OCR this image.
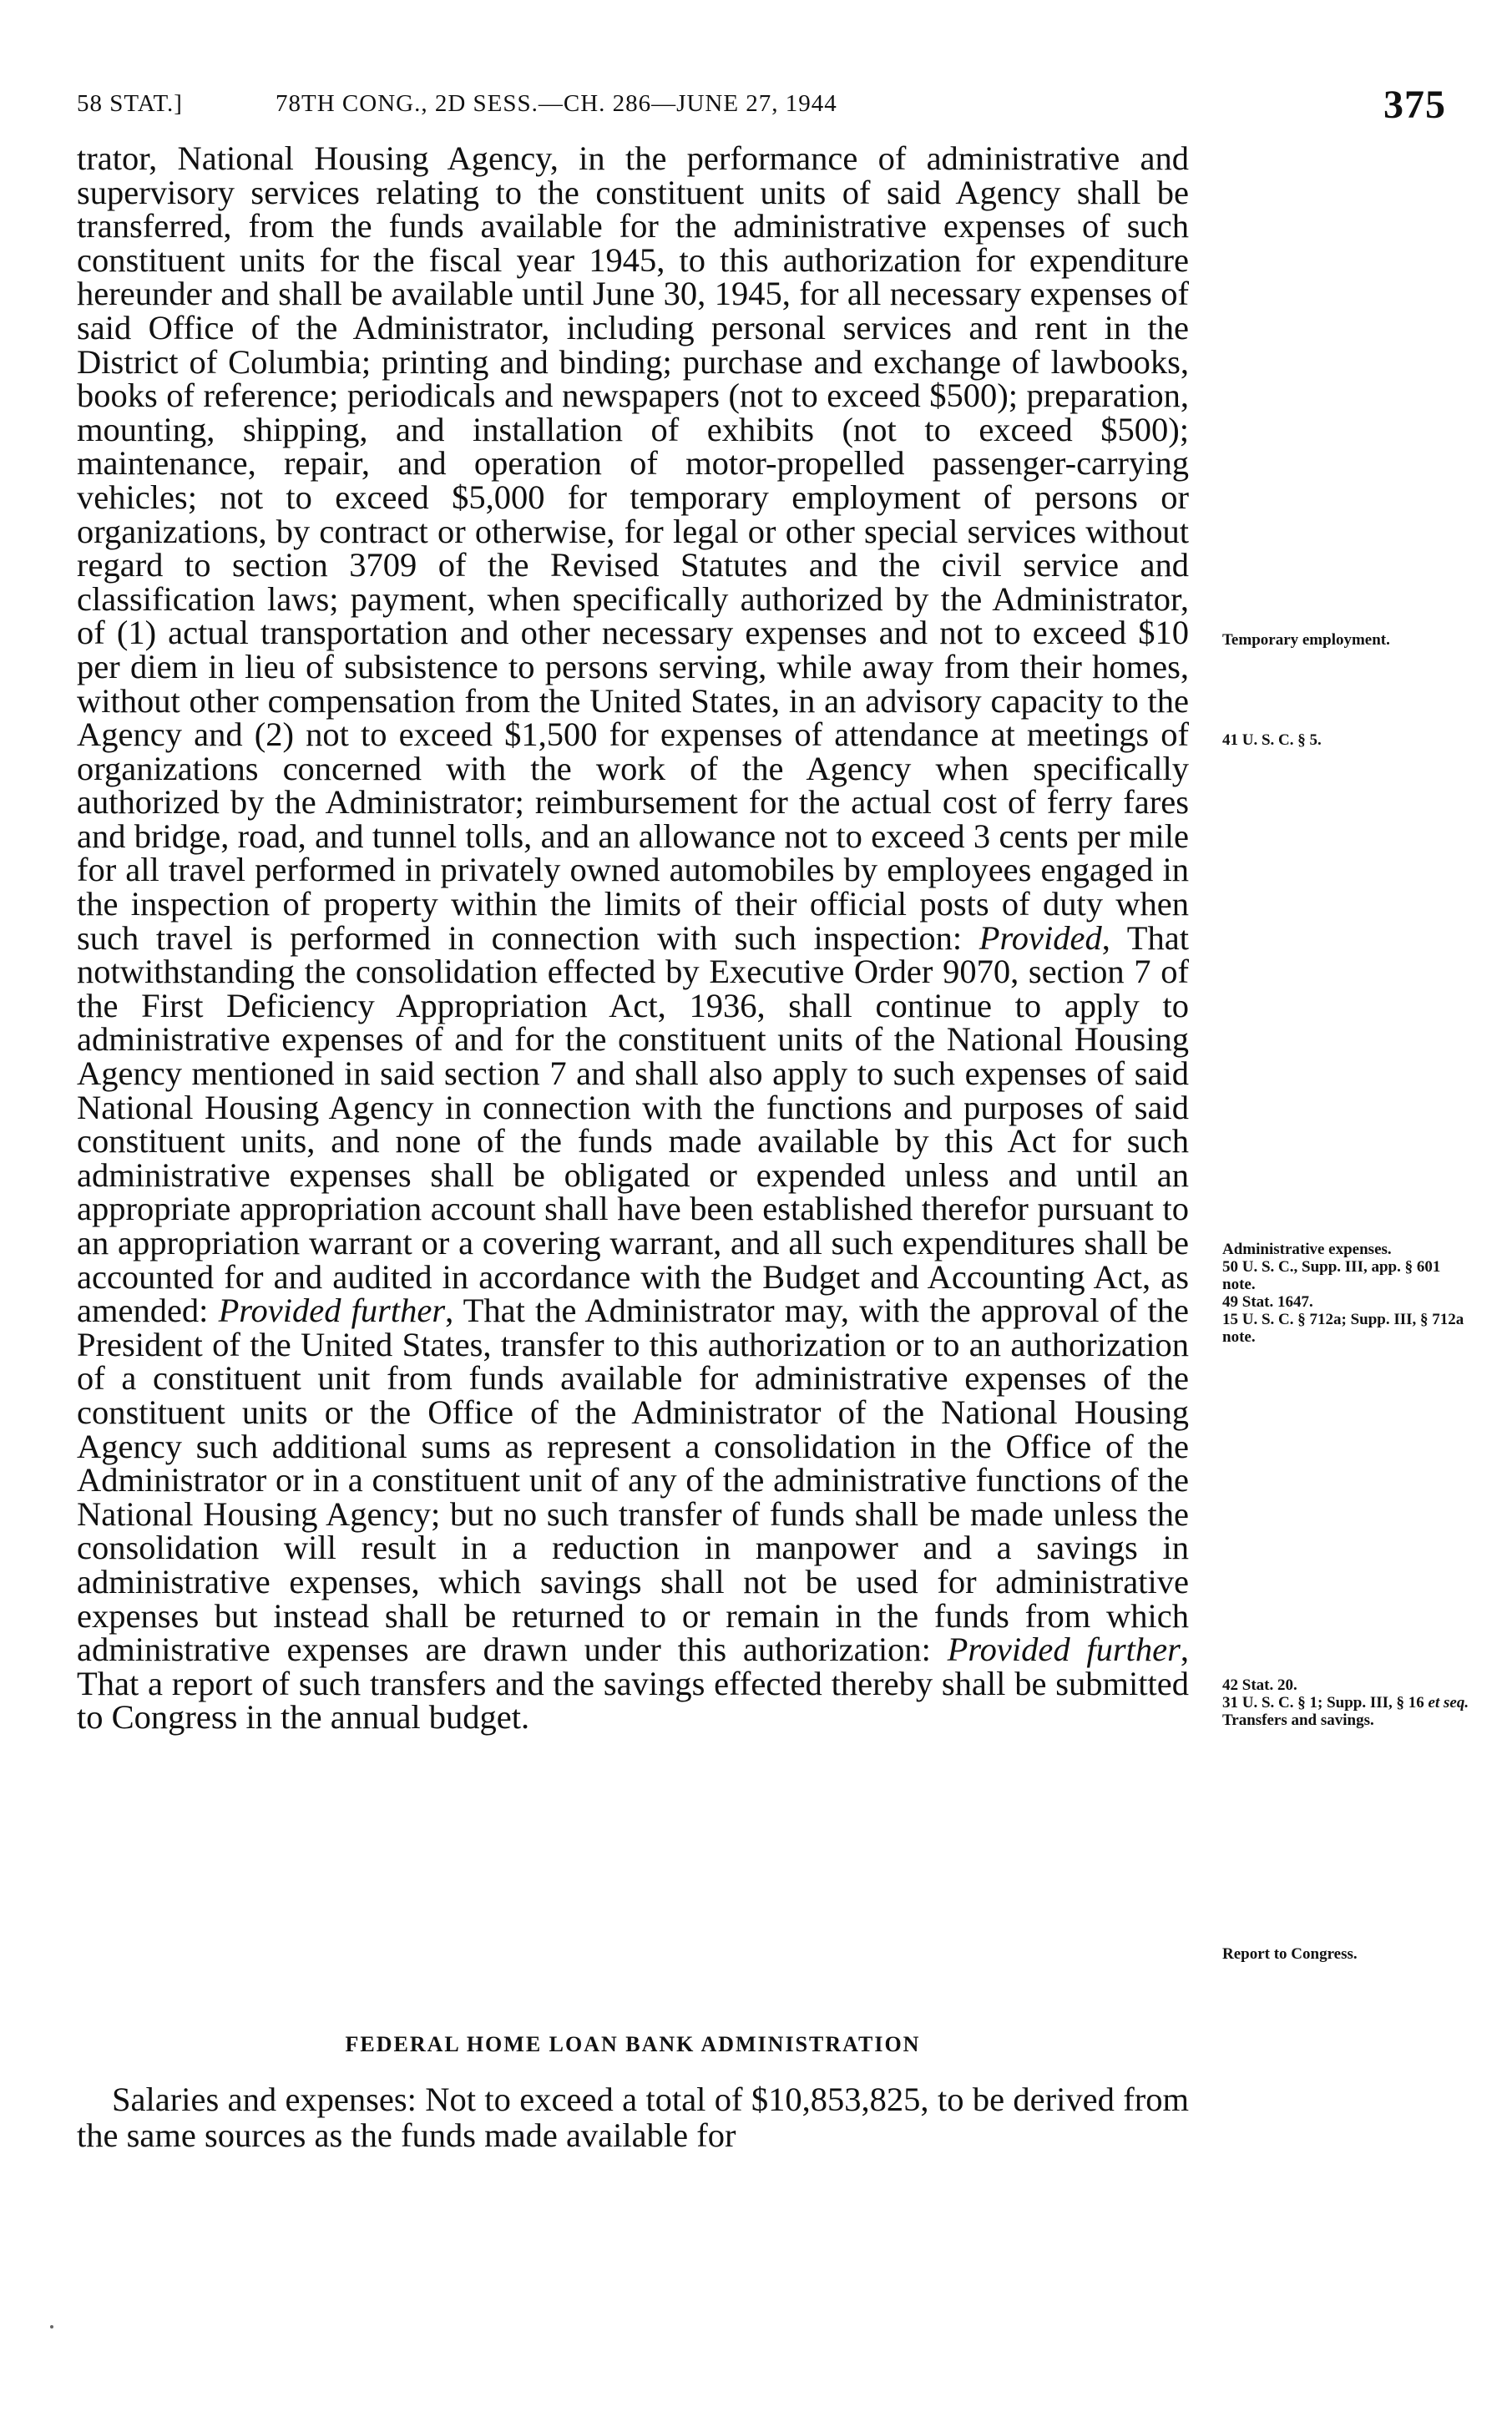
58 STAT.]	78TH CONG., 2D SESS.—CH. 286—JUNE 27, 1944	375

trator, National Housing Agency, in the performance of administrative and supervisory services relating to the constituent units of said Agency shall be transferred, from the funds available for the administrative expenses of such constituent units for the fiscal year 1945, to this authorization for expenditure hereunder and shall be available until June 30, 1945, for all necessary expenses of said Office of the Administrator, including personal services and rent in the District of Columbia; printing and binding; purchase and exchange of lawbooks, books of reference; periodicals and newspapers (not to exceed $500); preparation, mounting, shipping, and installation of exhibits (not to exceed $500); maintenance, repair, and operation of motor-propelled passenger-carrying vehicles; not to exceed $5,000 for temporary employment of persons or organizations, by contract or otherwise, for legal or other special services without regard to section 3709 of the Revised Statutes and the civil service and classification laws; payment, when specifically authorized by the Administrator, of (1) actual transportation and other necessary expenses and not to exceed $10 per diem in lieu of subsistence to persons serving, while away from their homes, without other compensation from the United States, in an advisory capacity to the Agency and (2) not to exceed $1,500 for expenses of attendance at meetings of organizations concerned with the work of the Agency when specifically authorized by the Administrator; reimbursement for the actual cost of ferry fares and bridge, road, and tunnel tolls, and an allowance not to exceed 3 cents per mile for all travel performed in privately owned automobiles by employees engaged in the inspection of property within the limits of their official posts of duty when such travel is performed in connection with such inspection: Provided, That notwithstanding the consolidation effected by Executive Order 9070, section 7 of the First Deficiency Appropriation Act, 1936, shall continue to apply to administrative expenses of and for the constituent units of the National Housing Agency mentioned in said section 7 and shall also apply to such expenses of said National Housing Agency in connection with the functions and purposes of said constituent units, and none of the funds made available by this Act for such administrative expenses shall be obligated or expended unless and until an appropriate appropriation account shall have been established therefor pursuant to an appropriation warrant or a covering warrant, and all such expenditures shall be accounted for and audited in accordance with the Budget and Accounting Act, as amended: Provided further, That the Administrator may, with the approval of the President of the United States, transfer to this authorization or to an authorization of a constituent unit from funds available for administrative expenses of the constituent units or the Office of the Administrator of the National Housing Agency such additional sums as represent a consolidation in the Office of the Administrator or in a constituent unit of any of the administrative functions of the National Housing Agency; but no such transfer of funds shall be made unless the consolidation will result in a reduction in manpower and a savings in administrative expenses, which savings shall not be used for administrative expenses but instead shall be returned to or remain in the funds from which administrative expenses are drawn under this authorization: Provided further, That a report of such transfers and the savings effected thereby shall be submitted to Congress in the annual budget.

FEDERAL HOME LOAN BANK ADMINISTRATION
Salaries and expenses: Not to exceed a total of $10,853,825, to be derived from the same sources as the funds made available for
Temporary employment.
41 U. S. C. § 5.
Administrative expenses.
50 U. S. C., Supp. III, app. § 601 note.
49 Stat. 1647.
15 U. S. C. § 712a; Supp. III, § 712a note.
42 Stat. 20.
31 U. S. C. § 1; Supp. III, § 16 et seq.
Transfers and savings.
Report to Congress.
